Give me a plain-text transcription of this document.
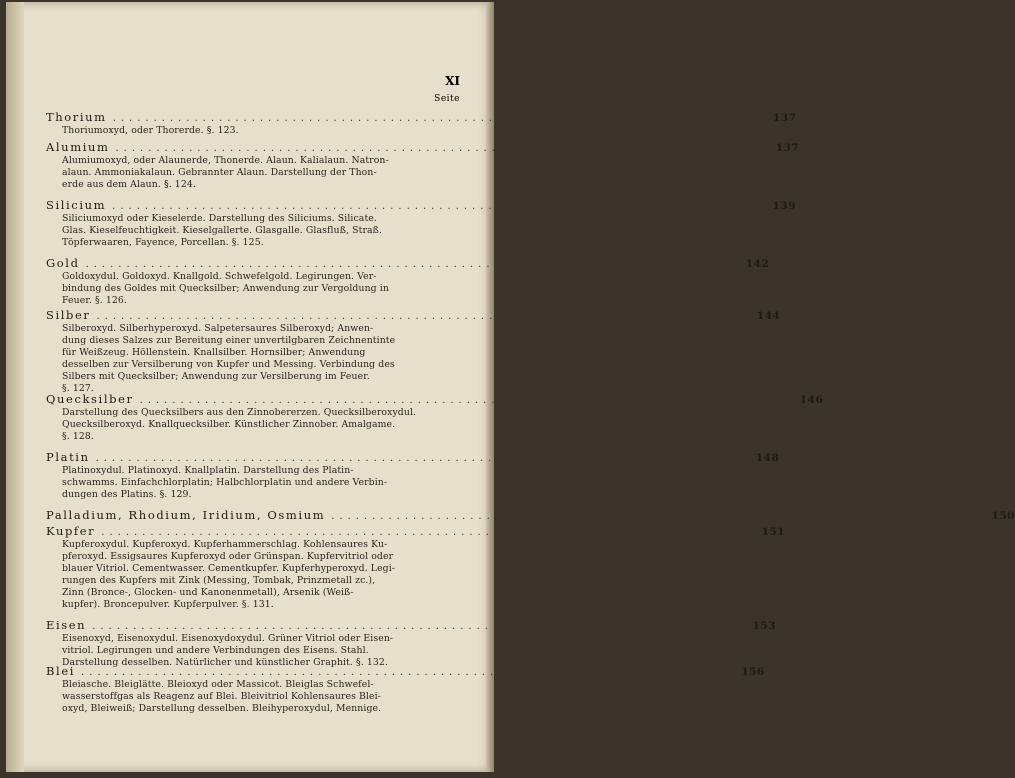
XI
Seite
Thorium ................................................................................ 137
Thoriumoxyd, oder Thorerde. §. 123.
Alumium ................................................................................ 137
Alumiumoxyd, oder Alaunerde, Thonerde. Alaun. Kalialaun. Natron-
alaun. Ammoniakalaun. Gebrannter Alaun. Darstellung der Thon-
erde aus dem Alaun. §. 124.
Silicium ................................................................................ 139
Siliciumoxyd oder Kieselerde. Darstellung des Siliciums. Silicate.
Glas. Kieselfeuchtigkeit. Kieselgallerte. Glasgalle. Glasfluß, Straß.
Töpferwaaren, Fayence, Porcellan. §. 125.
Gold ................................................................................ 142
Goldoxydul. Goldoxyd. Knallgold. Schwefelgold. Legirungen. Ver-
bindung des Goldes mit Quecksilber; Anwendung zur Vergoldung in
Feuer. §. 126.
Silber ................................................................................ 144
Silberoxyd. Silberhyperoxyd. Salpetersaures Silberoxyd; Anwen-
dung dieses Salzes zur Bereitung einer unvertilgbaren Zeichnentinte
für Weißzeug. Höllenstein. Knallsilber. Hornsilber; Anwendung
desselben zur Versilberung von Kupfer und Messing. Verbindung des
Silbers mit Quecksilber; Anwendung zur Versilberung im Feuer.
§. 127.
Quecksilber ................................................................................ 146
Darstellung des Quecksilbers aus den Zinnobererzen. Quecksilberoxydul.
Quecksilberoxyd. Knallquecksilber. Künstlicher Zinnober. Amalgame.
§. 128.
Platin ................................................................................ 148
Platinoxydul. Platinoxyd. Knallplatin. Darstellung des Platin-
schwamms. Einfachchlorplatin; Halbchlorplatin und andere Verbin-
dungen des Platins. §. 129.
Palladium, Rhodium, Iridium, Osmium ................................................................................ 150
Kupfer ................................................................................ 151
Kupferoxydul. Kupferoxyd. Kupferhammerschlag. Kohlensaures Ku-
pferoxyd. Essigsaures Kupferoxyd oder Grünspan. Kupfervitriol oder
blauer Vitriol. Cementwasser. Cementkupfer. Kupferhyperoxyd. Legi-
rungen des Kupfers mit Zink (Messing, Tombak, Prinzmetall zc.),
Zinn (Bronce-, Glocken- und Kanonenmetall), Arsenik (Weiß-
kupfer). Broncepulver. Kupferpulver. §. 131.
Eisen ................................................................................ 153
Eisenoxyd, Eisenoxydul. Eisenoxydoxydul. Grüner Vitriol oder Eisen-
vitriol. Legirungen und andere Verbindungen des Eisens. Stahl.
Darstellung desselben. Natürlicher und künstlicher Graphit. §. 132.
Blei ................................................................................ 156
Bleiasche. Bleiglätte. Bleioxyd oder Massicot. Bleiglas Schwefel-
wasserstoffgas als Reagenz auf Blei. Bleivitriol Kohlensaures Blei-
oxyd, Bleiweiß; Darstellung desselben. Bleihyperoxydul, Mennige.
